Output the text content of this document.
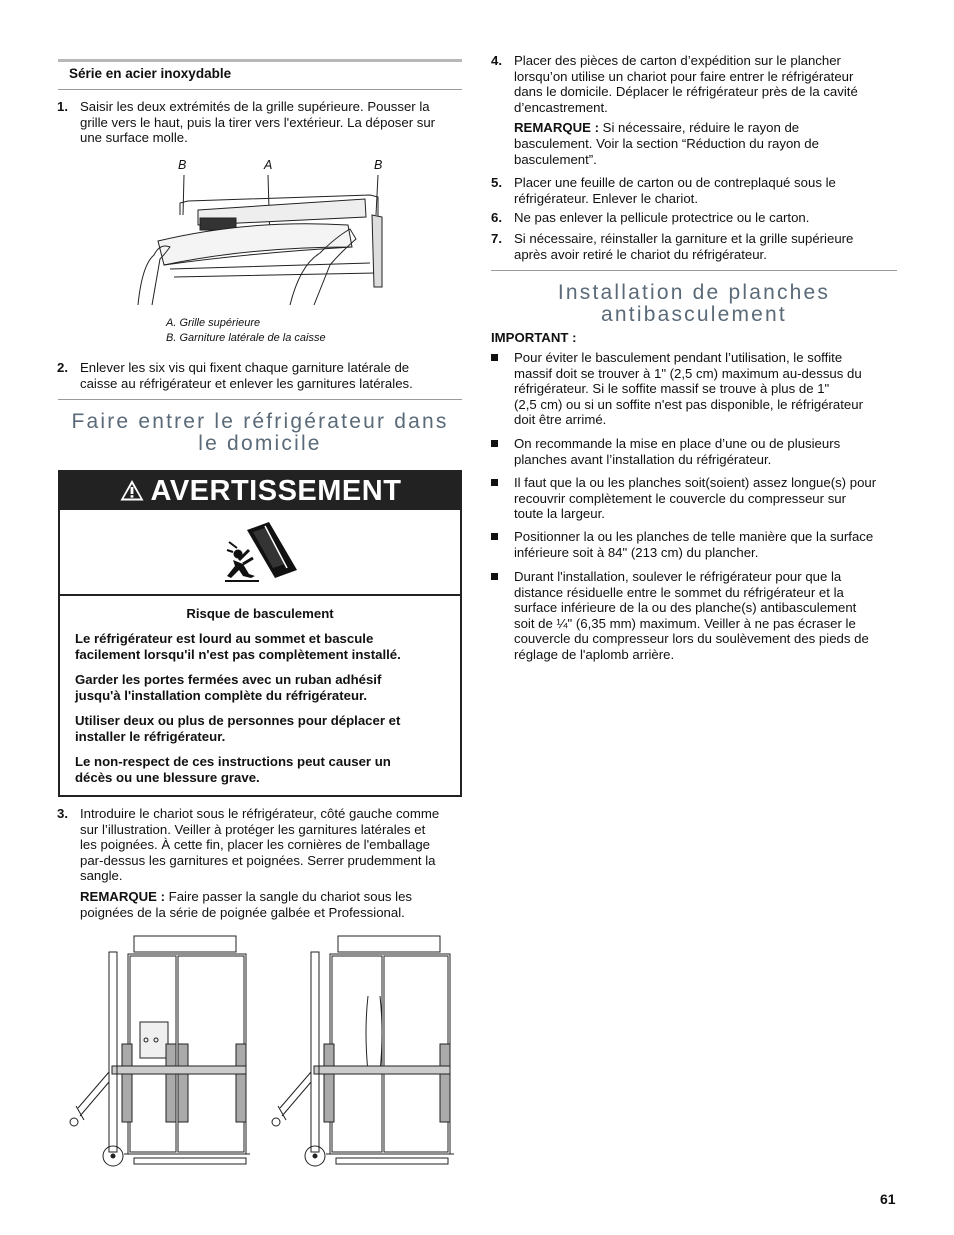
Série en acier inoxydable
1. Saisir les deux extrémités de la grille supérieure. Pousser la
grille vers le haut, puis la tirer vers l'extérieur. La déposer sur
une surface molle.
B	A	B
A. Grille supérieure
B. Garniture latérale de la caisse
2. Enlever les six vis qui fixent chaque garniture latérale de
caisse au réfrigérateur et enlever les garnitures latérales.
Faire entrer le réfrigérateur dans
le domicile
AVERTISSEMENT

Risque de basculement

Le réfrigérateur est lourd au sommet et bascule
facilement lorsqu'il n'est pas complètement installé.

Garder les portes fermées avec un ruban adhésif
jusqu'à l'installation complète du réfrigérateur.

Utiliser deux ou plus de personnes pour déplacer et
installer le réfrigérateur.

Le non-respect de ces instructions peut causer un
décès ou une blessure grave.

3. Introduire le chariot sous le réfrigérateur, côté gauche comme
sur l’illustration. Veiller à protéger les garnitures latérales et
les poignées. À cette fin, placer les cornières de l'emballage
par-dessus les garnitures et poignées. Serrer prudemment la
sangle.
REMARQUE : Faire passer la sangle du chariot sous les
poignées de la série de poignée galbée et Professional.
4. Placer des pièces de carton d’expédition sur le plancher
lorsqu’on utilise un chariot pour faire entrer le réfrigérateur
dans le domicile. Déplacer le réfrigérateur près de la cavité
d’encastrement.
REMARQUE : Si nécessaire, réduire le rayon de
basculement. Voir la section “Réduction du rayon de
basculement”.
5. Placer une feuille de carton ou de contreplaqué sous le
réfrigérateur. Enlever le chariot.
6. Ne pas enlever la pellicule protectrice ou le carton.
7. Si nécessaire, réinstaller la garniture et la grille supérieure
après avoir retiré le chariot du réfrigérateur.
Installation de planches
antibasculement
IMPORTANT :
Pour éviter le basculement pendant l’utilisation, le soffite
massif doit se trouver à 1" (2,5 cm) maximum au-dessus du
réfrigérateur. Si le soffite massif se trouve à plus de 1"
(2,5 cm) ou si un soffite n'est pas disponible, le réfrigérateur
doit être arrimé.
On recommande la mise en place d’une ou de plusieurs
planches avant l’installation du réfrigérateur.
Il faut que la ou les planches soit(soient) assez longue(s) pour
recouvrir complètement le couvercle du compresseur sur
toute la largeur.
Positionner la ou les planches de telle manière que la surface
inférieure soit à 84" (213 cm) du plancher.
Durant l'installation, soulever le réfrigérateur pour que la
distance résiduelle entre le sommet du réfrigérateur et la
surface inférieure de la ou des planche(s) antibasculement
soit de ¼" (6,35 mm) maximum. Veiller à ne pas écraser le
couvercle du compresseur lors du soulèvement des pieds de
réglage de l'aplomb arrière.
61
